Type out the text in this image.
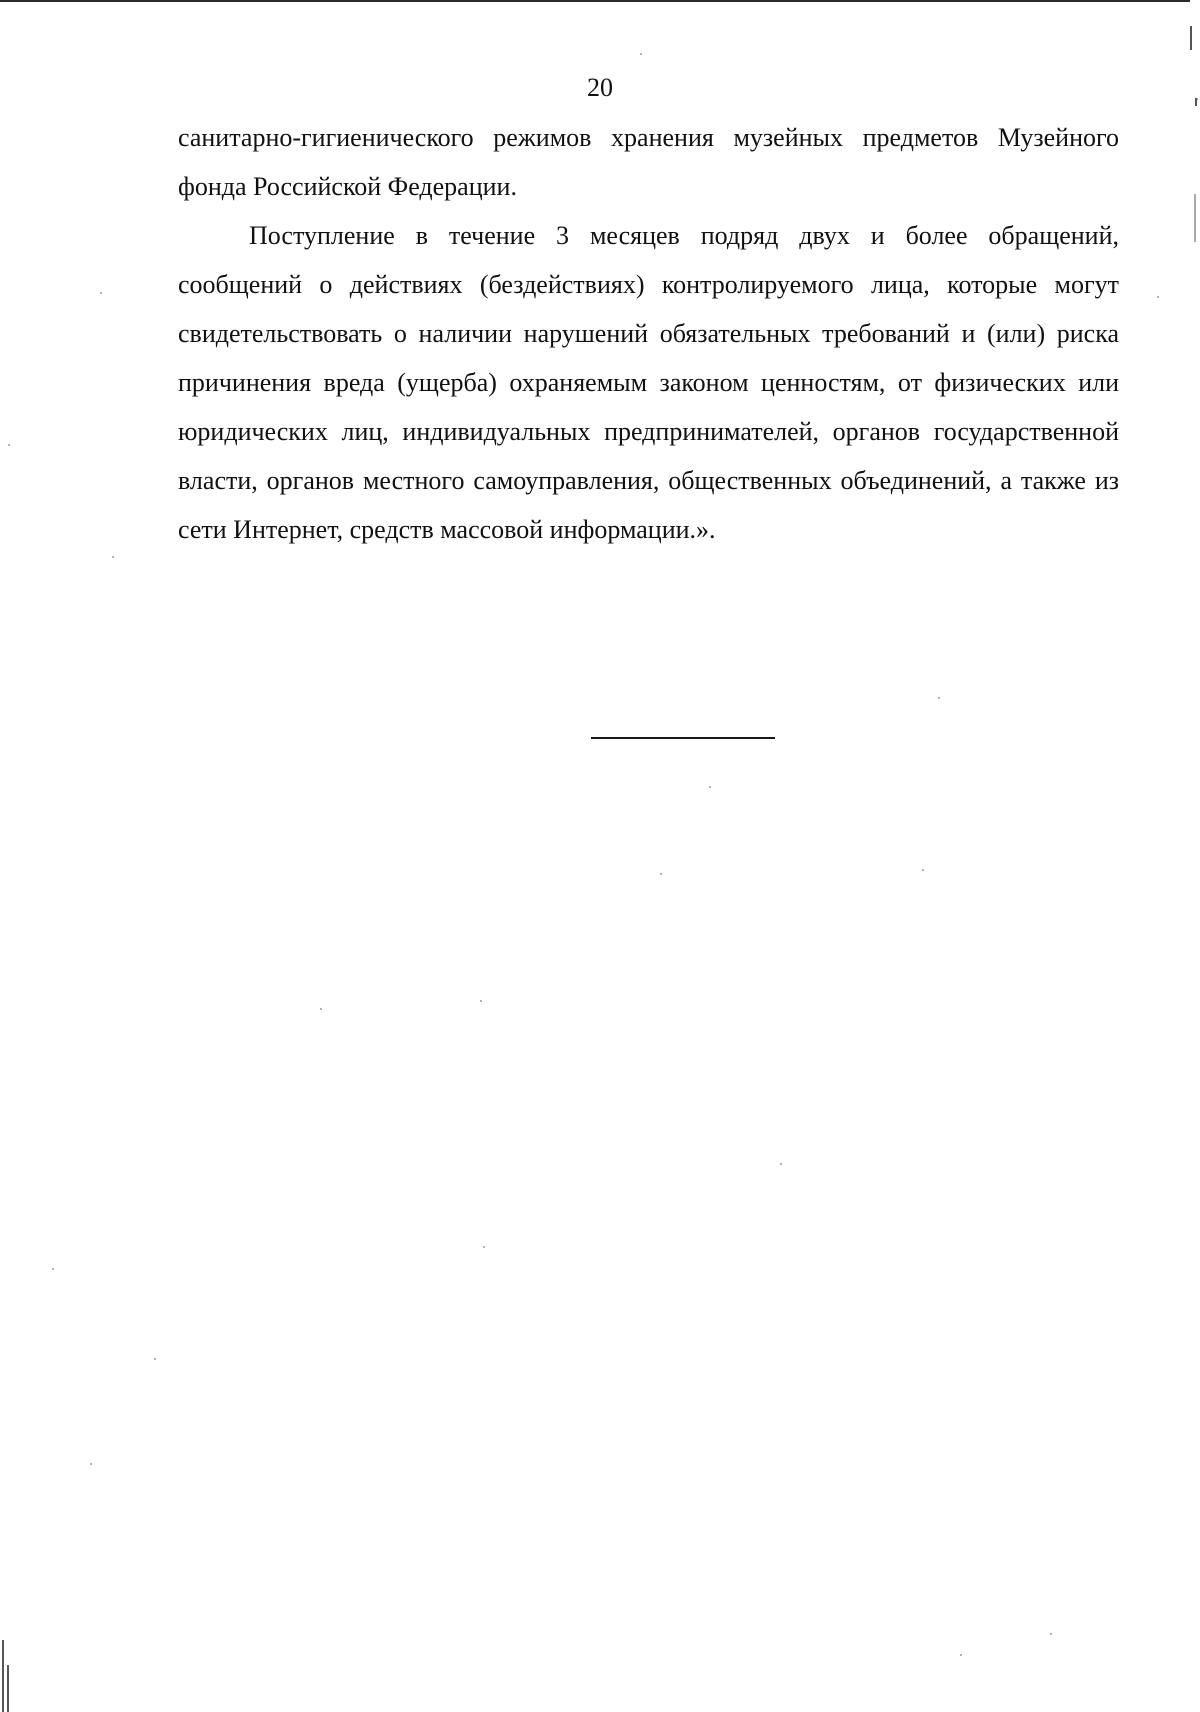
20

санитарно-гигиенического режимов хранения музейных предметов Музейного фонда Российской Федерации.

Поступление в течение 3 месяцев подряд двух и более обращений, сообщений о действиях (бездействиях) контролируемого лица, которые могут свидетельствовать о наличии нарушений обязательных требований и (или) риска причинения вреда (ущерба) охраняемым законом ценностям, от физических или юридических лиц, индивидуальных предпринимателей, органов государственной власти, органов местного самоуправления, общественных объединений, а также из сети Интернет, средств массовой информации.».
